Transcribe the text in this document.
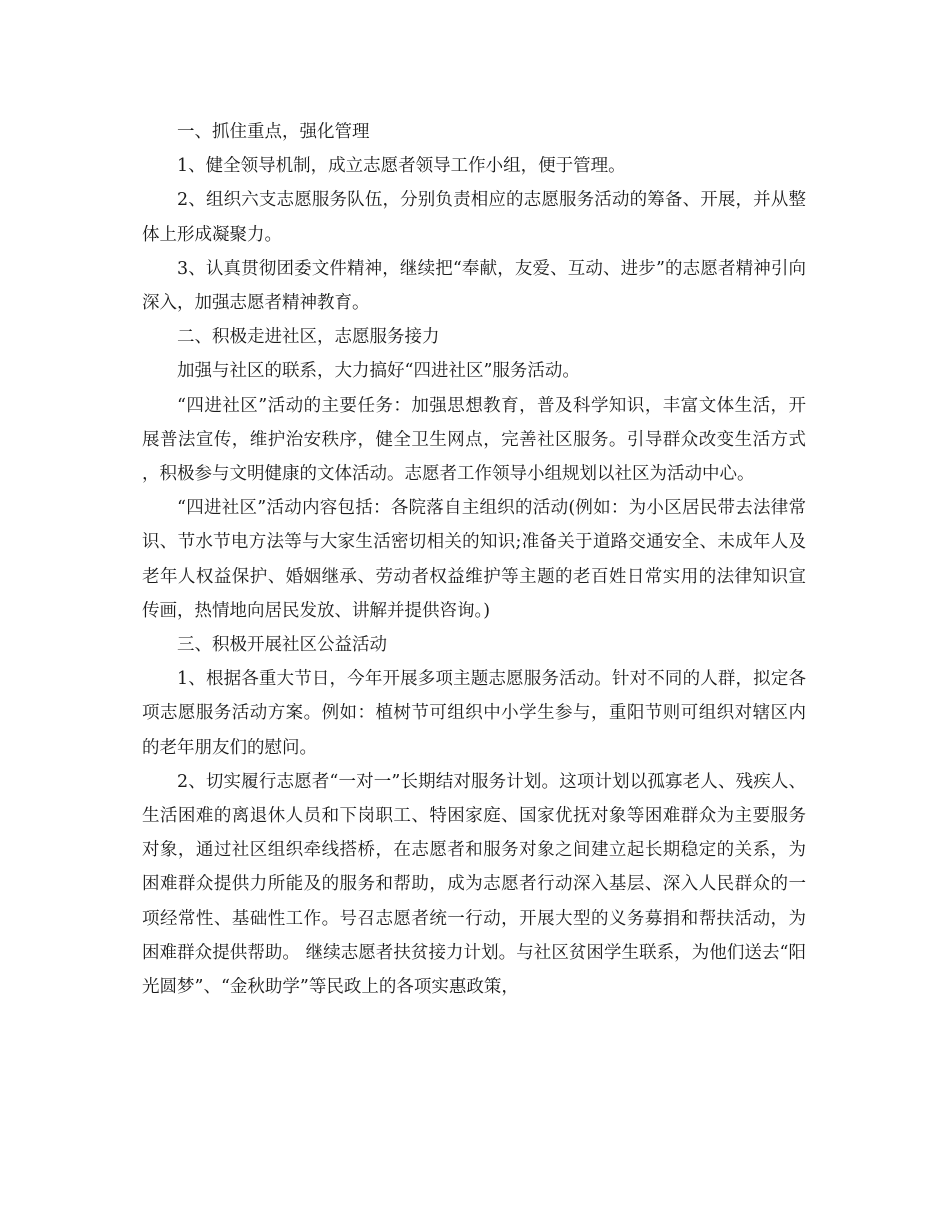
一、抓住重点，强化管理

1、健全领导机制，成立志愿者领导工作小组，便于管理。

2、组织六支志愿服务队伍，分别负责相应的志愿服务活动的筹备、开展，并从整体上形成凝聚力。

3、认真贯彻团委文件精神，继续把“奉献，友爱、互动、进步”的志愿者精神引向深入，加强志愿者精神教育。

二、积极走进社区，志愿服务接力

加强与社区的联系，大力搞好“四进社区”服务活动。

“四进社区”活动的主要任务：加强思想教育，普及科学知识，丰富文体生活，开展普法宣传，维护治安秩序，健全卫生网点，完善社区服务。引导群众改变生活方式，积极参与文明健康的文体活动。志愿者工作领导小组规划以社区为活动中心。

“四进社区”活动内容包括：各院落自主组织的活动(例如：为小区居民带去法律常识、节水节电方法等与大家生活密切相关的知识;准备关于道路交通安全、未成年人及老年人权益保护、婚姻继承、劳动者权益维护等主题的老百姓日常实用的法律知识宣传画，热情地向居民发放、讲解并提供咨询。)

三、积极开展社区公益活动

1、根据各重大节日，今年开展多项主题志愿服务活动。针对不同的人群，拟定各项志愿服务活动方案。例如：植树节可组织中小学生参与，重阳节则可组织对辖区内的老年朋友们的慰问。

2、切实履行志愿者“一对一”长期结对服务计划。这项计划以孤寡老人、残疾人、生活困难的离退休人员和下岗职工、特困家庭、国家优抚对象等困难群众为主要服务对象，通过社区组织牵线搭桥，在志愿者和服务对象之间建立起长期稳定的关系，为困难群众提供力所能及的服务和帮助，成为志愿者行动深入基层、深入人民群众的一项经常性、基础性工作。号召志愿者统一行动，开展大型的义务募捐和帮扶活动，为困难群众提供帮助。 继续志愿者扶贫接力计划。与社区贫困学生联系，为他们送去“阳光圆梦”、“金秋助学”等民政上的各项实惠政策，
